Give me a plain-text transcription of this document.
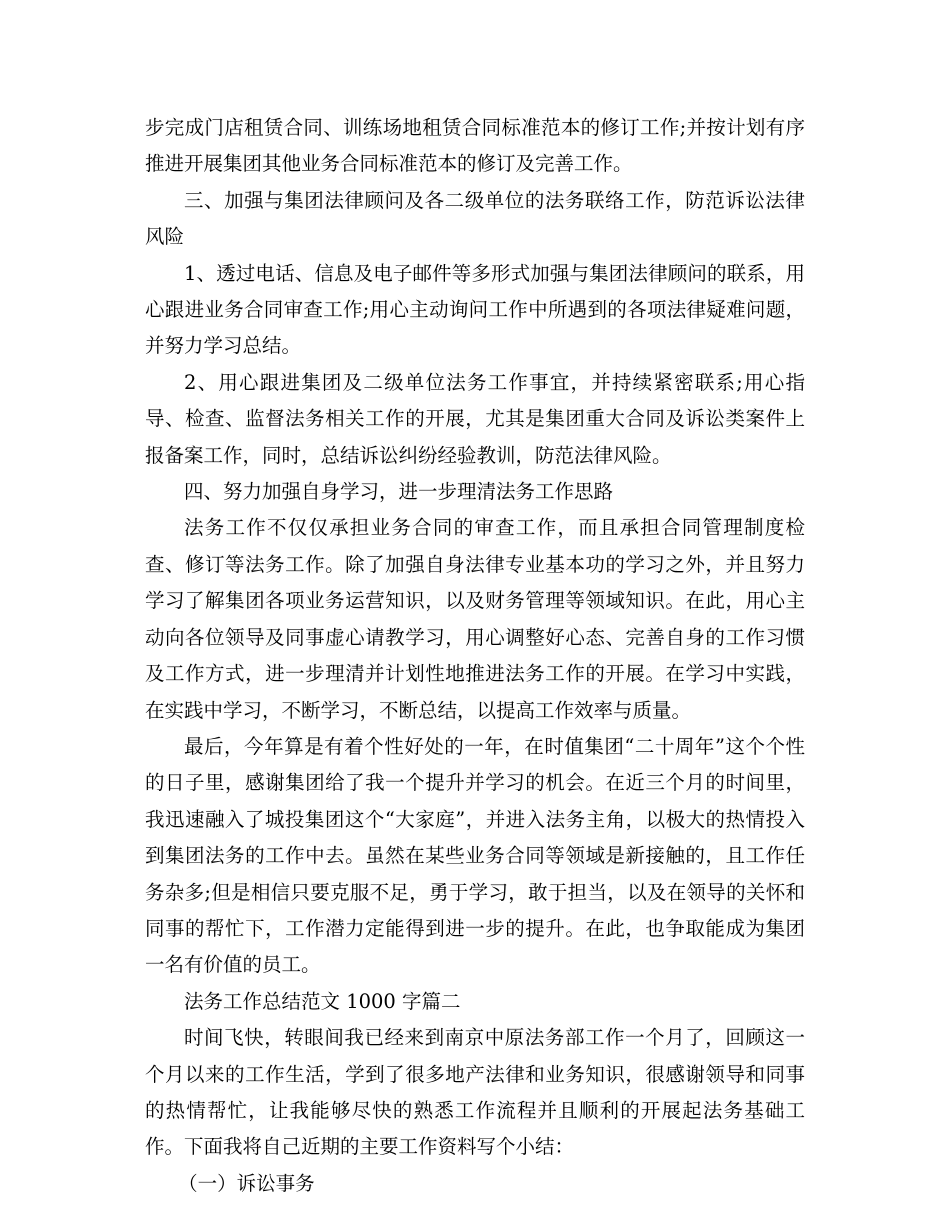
步完成门店租赁合同、训练场地租赁合同标准范本的修订工作;并按计划有序推进开展集团其他业务合同标准范本的修订及完善工作。

三、加强与集团法律顾问及各二级单位的法务联络工作，防范诉讼法律风险

1、透过电话、信息及电子邮件等多形式加强与集团法律顾问的联系，用心跟进业务合同审查工作;用心主动询问工作中所遇到的各项法律疑难问题，并努力学习总结。

2、用心跟进集团及二级单位法务工作事宜，并持续紧密联系;用心指导、检查、监督法务相关工作的开展，尤其是集团重大合同及诉讼类案件上报备案工作，同时，总结诉讼纠纷经验教训，防范法律风险。

四、努力加强自身学习，进一步理清法务工作思路

法务工作不仅仅承担业务合同的审查工作，而且承担合同管理制度检查、修订等法务工作。除了加强自身法律专业基本功的学习之外，并且努力学习了解集团各项业务运营知识，以及财务管理等领域知识。在此，用心主动向各位领导及同事虚心请教学习，用心调整好心态、完善自身的工作习惯及工作方式，进一步理清并计划性地推进法务工作的开展。在学习中实践，在实践中学习，不断学习，不断总结，以提高工作效率与质量。

最后，今年算是有着个性好处的一年，在时值集团“二十周年”这个个性的日子里，感谢集团给了我一个提升并学习的机会。在近三个月的时间里，我迅速融入了城投集团这个“大家庭”，并进入法务主角，以极大的热情投入到集团法务的工作中去。虽然在某些业务合同等领域是新接触的，且工作任务杂多;但是相信只要克服不足，勇于学习，敢于担当，以及在领导的关怀和同事的帮忙下，工作潜力定能得到进一步的提升。在此，也争取能成为集团一名有价值的员工。

法务工作总结范文 1000 字篇二

时间飞快，转眼间我已经来到南京中原法务部工作一个月了，回顾这一个月以来的工作生活，学到了很多地产法律和业务知识，很感谢领导和同事的热情帮忙，让我能够尽快的熟悉工作流程并且顺利的开展起法务基础工作。下面我将自己近期的主要工作资料写个小结：

（一）诉讼事务
